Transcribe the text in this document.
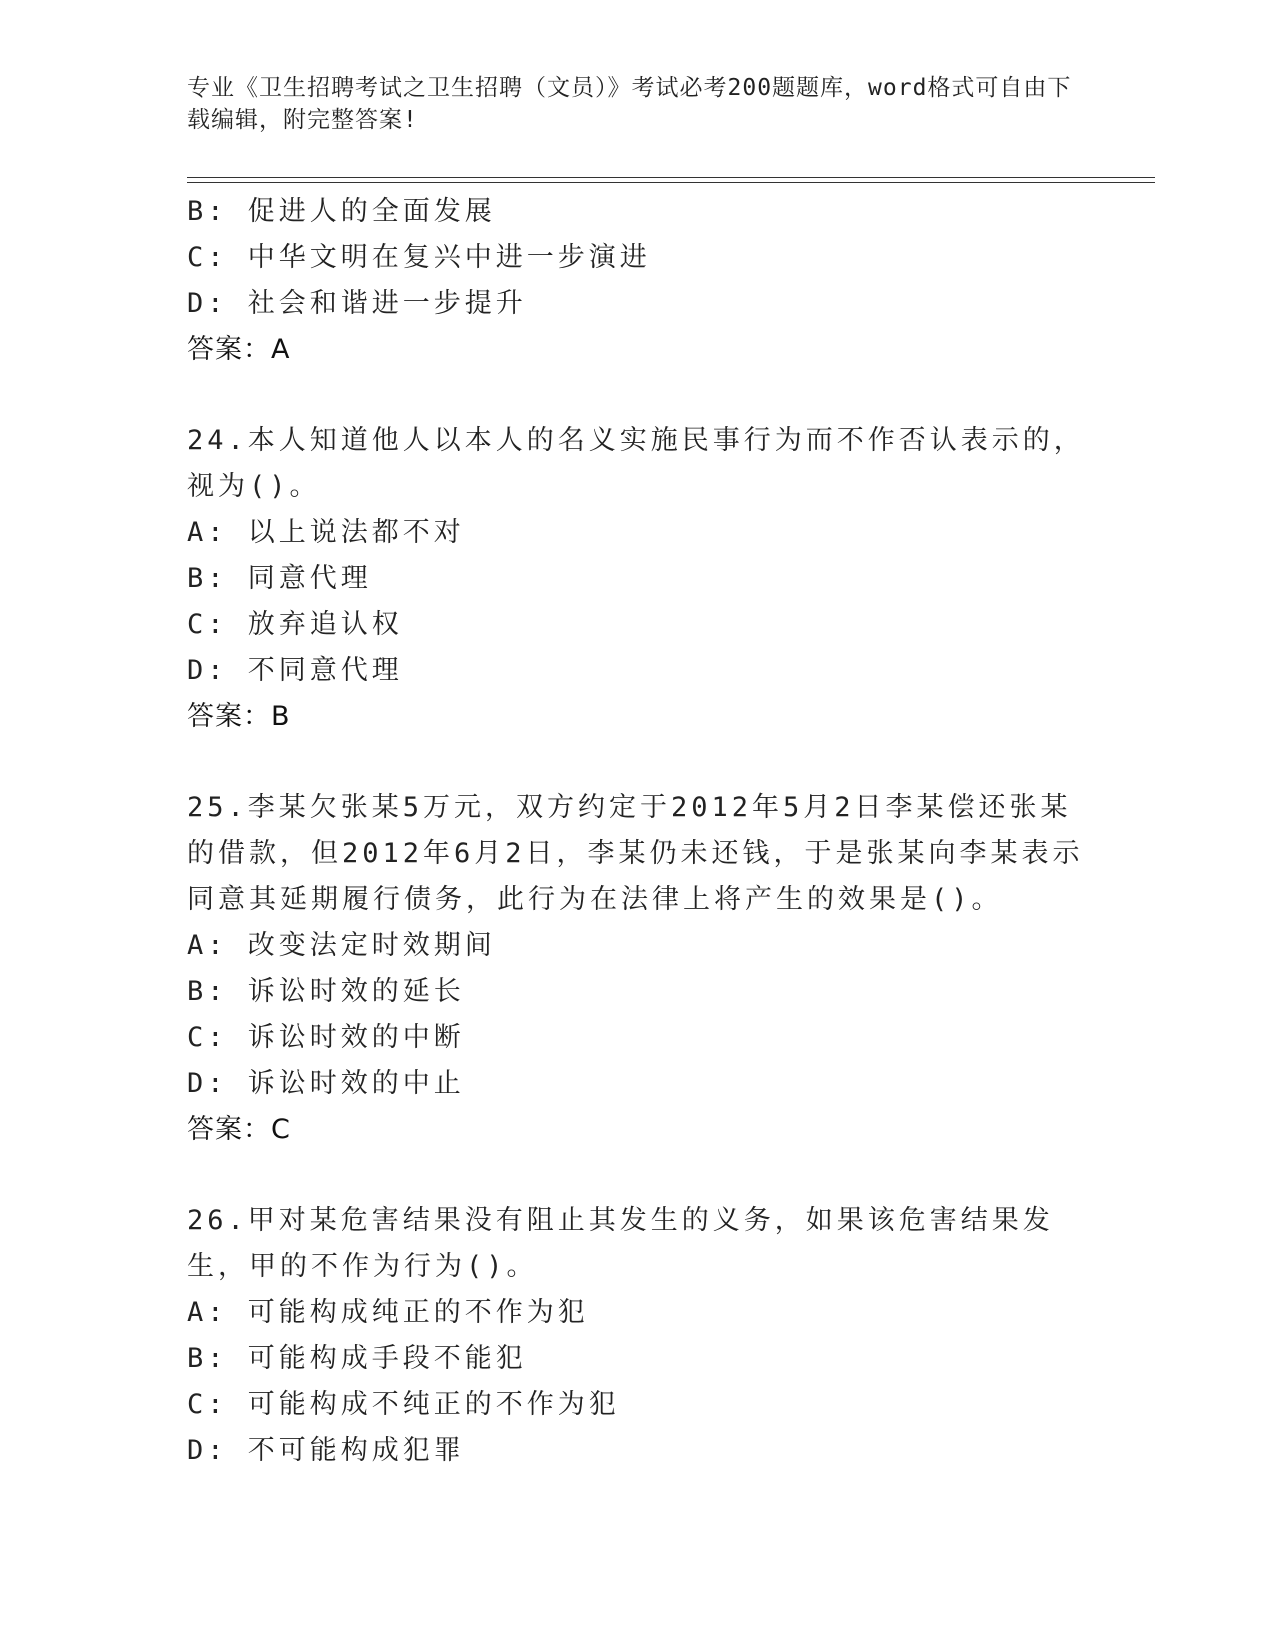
专业《卫生招聘考试之卫生招聘（文员）》考试必考200题题库，word格式可自由下载编辑，附完整答案!
B: 促进人的全面发展
C: 中华文明在复兴中进一步演进
D: 社会和谐进一步提升
答案：A
24.本人知道他人以本人的名义实施民事行为而不作否认表示的，视为()。
A: 以上说法都不对
B: 同意代理
C: 放弃追认权
D: 不同意代理
答案：B
25.李某欠张某5万元，双方约定于2012年5月2日李某偿还张某的借款，但2012年6月2日，李某仍未还钱，于是张某向李某表示同意其延期履行债务，此行为在法律上将产生的效果是()。
A: 改变法定时效期间
B: 诉讼时效的延长
C: 诉讼时效的中断
D: 诉讼时效的中止
答案：C
26.甲对某危害结果没有阻止其发生的义务，如果该危害结果发生，甲的不作为行为()。
A: 可能构成纯正的不作为犯
B: 可能构成手段不能犯
C: 可能构成不纯正的不作为犯
D: 不可能构成犯罪
